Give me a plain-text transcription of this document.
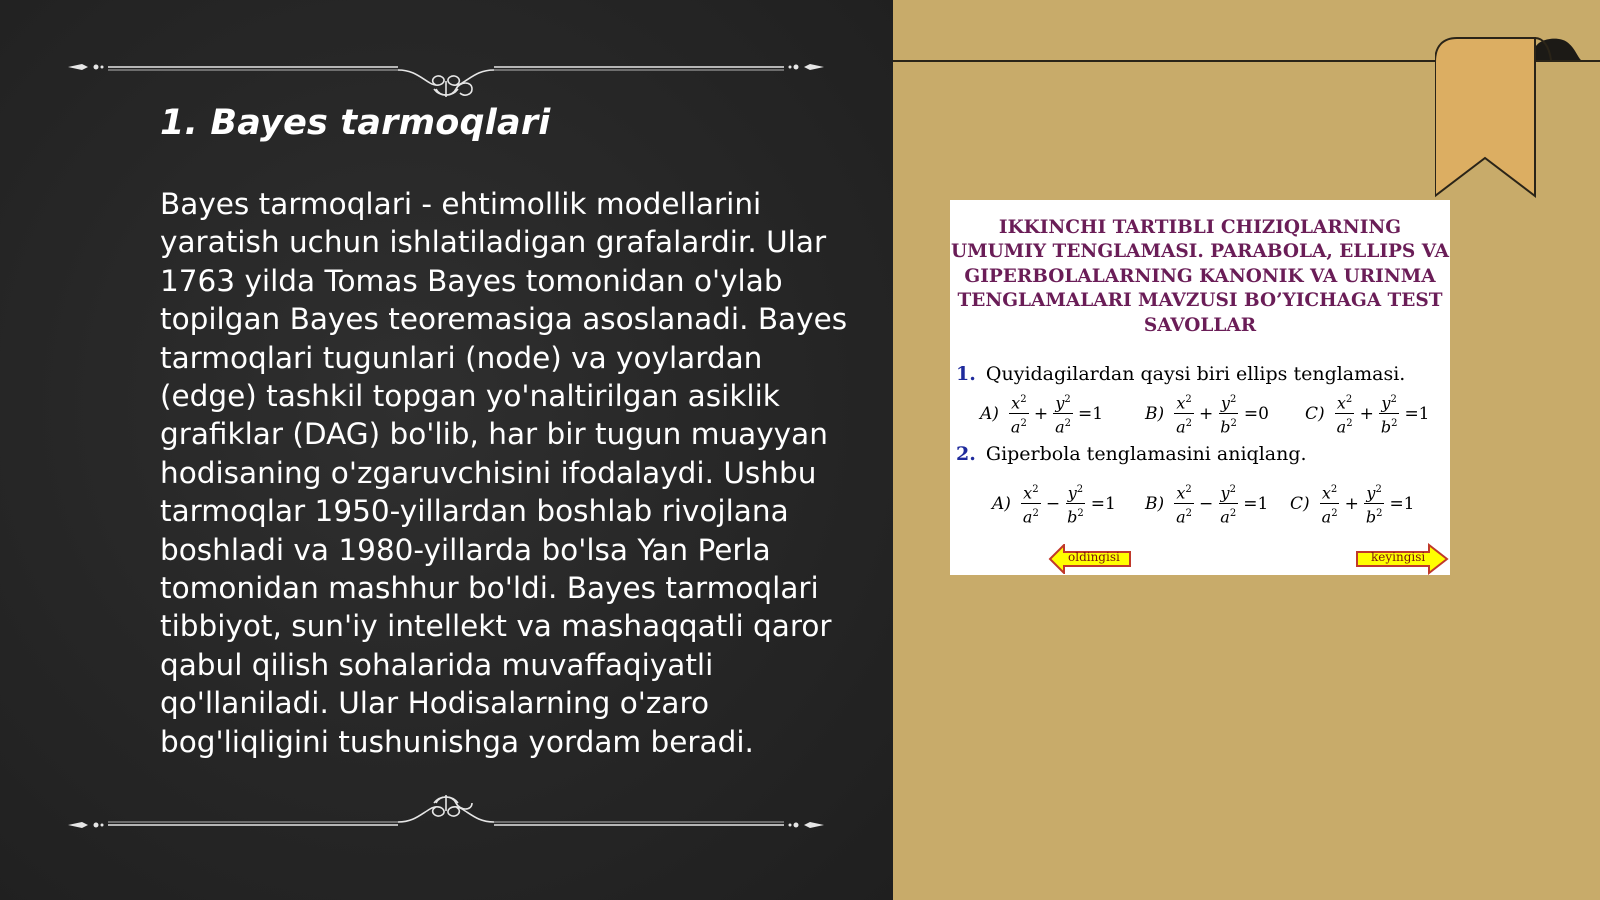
1. Bayes tarmoqlari

Bayes tarmoqlari - ehtimollik modellarini yaratish uchun ishlatiladigan grafalardir. Ular 1763 yilda Tomas Bayes tomonidan o'ylab topilgan Bayes teoremasiga asoslanadi. Bayes tarmoqlari tugunlari (node) va yoylardan (edge) tashkil topgan yo'naltirilgan asiklik grafiklar (DAG) bo'lib, har bir tugun muayyan hodisaning o'zgaruvchisini ifodalaydi. Ushbu tarmoqlar 1950-yillardan boshlab rivojlana boshladi va 1980-yillarda bo'lsa Yan Perla tomonidan mashhur bo'ldi. Bayes tarmoqlari tibbiyot, sun'iy intellekt va mashaqqatli qaror qabul qilish sohalarida muvaffaqiyatli qo'llaniladi. Ular Hodisalarning o'zaro bog'liqligini tushunishga yordam beradi.

IKKINCHI TARTIBLI CHIZIQLARNING UMUMIY TENGLAMASI. PARABOLA, ELLIPS VA GIPERBOLALARNING KANONIK VA URINMA TENGLAMALARI MAVZUSI BO’YICHAGA TEST SAVOLLAR

1. Quyidagilardan qaysi biri ellips tenglamasi.
$A) \frac{x^2}{a^2} + \frac{y^2}{a^2} =1$ $B) \frac{x^2}{a^2} + \frac{y^2}{b^2} =0$ $C) \frac{x^2}{a^2} + \frac{y^2}{b^2} =1$
2. Giperbola tenglamasini aniqlang.
$A) \frac{x^2}{a^2} - \frac{y^2}{b^2} =1$ $B) \frac{x^2}{a^2} - \frac{y^2}{a^2} =1$ $C) \frac{x^2}{a^2} + \frac{y^2}{b^2} =1$
oldingisi	keyingisi
